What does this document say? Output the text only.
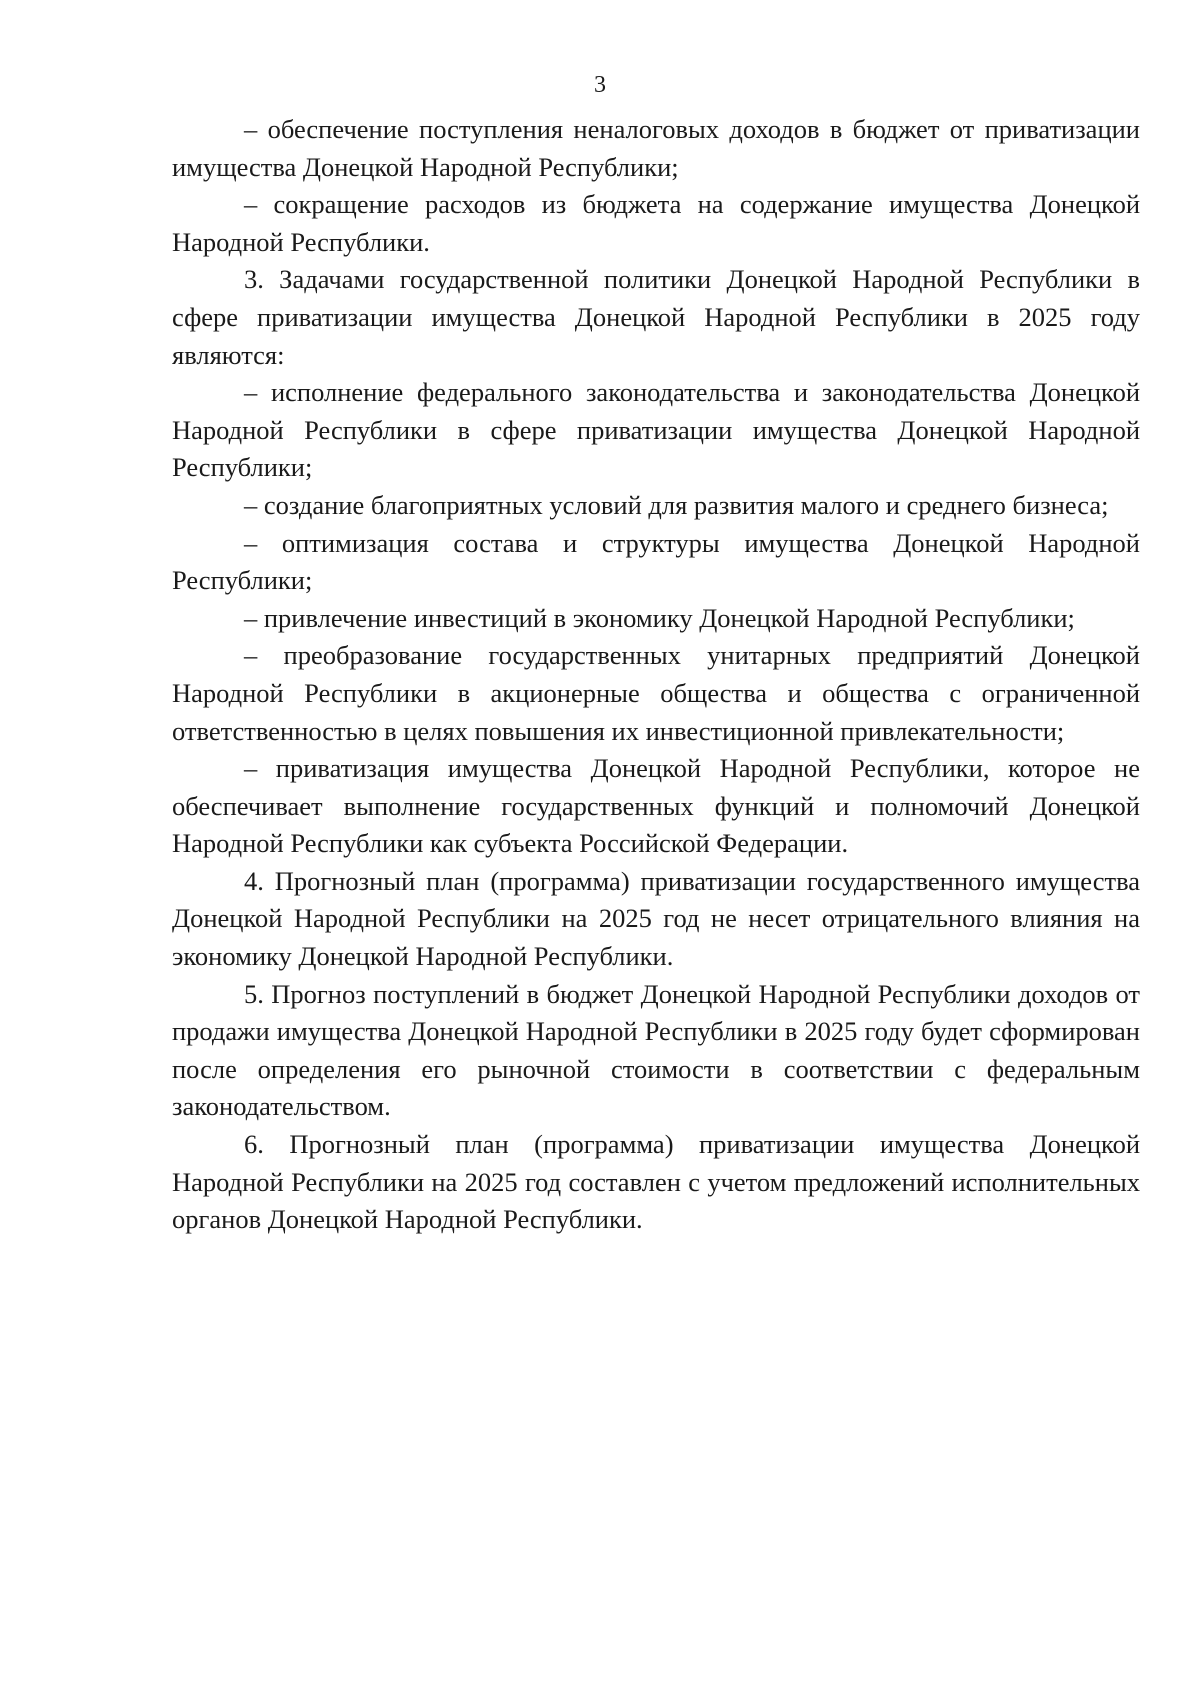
3

– обеспечение поступления неналоговых доходов в бюджет от приватизации имущества Донецкой Народной Республики;

– сокращение расходов из бюджета на содержание имущества Донецкой Народной Республики.

3. Задачами государственной политики Донецкой Народной Республики в сфере приватизации имущества Донецкой Народной Республики в 2025 году являются:

– исполнение федерального законодательства и законодательства Донецкой Народной Республики в сфере приватизации имущества Донецкой Народной Республики;

– создание благоприятных условий для развития малого и среднего бизнеса;

– оптимизация состава и структуры имущества Донецкой Народной Республики;

– привлечение инвестиций в экономику Донецкой Народной Республики;

– преобразование государственных унитарных предприятий Донецкой Народной Республики в акционерные общества и общества с ограниченной ответственностью в целях повышения их инвестиционной привлекательности;

– приватизация имущества Донецкой Народной Республики, которое не обеспечивает выполнение государственных функций и полномочий Донецкой Народной Республики как субъекта Российской Федерации.

4. Прогнозный план (программа) приватизации государственного имущества Донецкой Народной Республики на 2025 год не несет отрицательного влияния на экономику Донецкой Народной Республики.

5. Прогноз поступлений в бюджет Донецкой Народной Республики доходов от продажи имущества Донецкой Народной Республики в 2025 году будет сформирован после определения его рыночной стоимости в соответствии с федеральным законодательством.

6. Прогнозный план (программа) приватизации имущества Донецкой Народной Республики на 2025 год составлен с учетом предложений исполнительных органов Донецкой Народной Республики.
